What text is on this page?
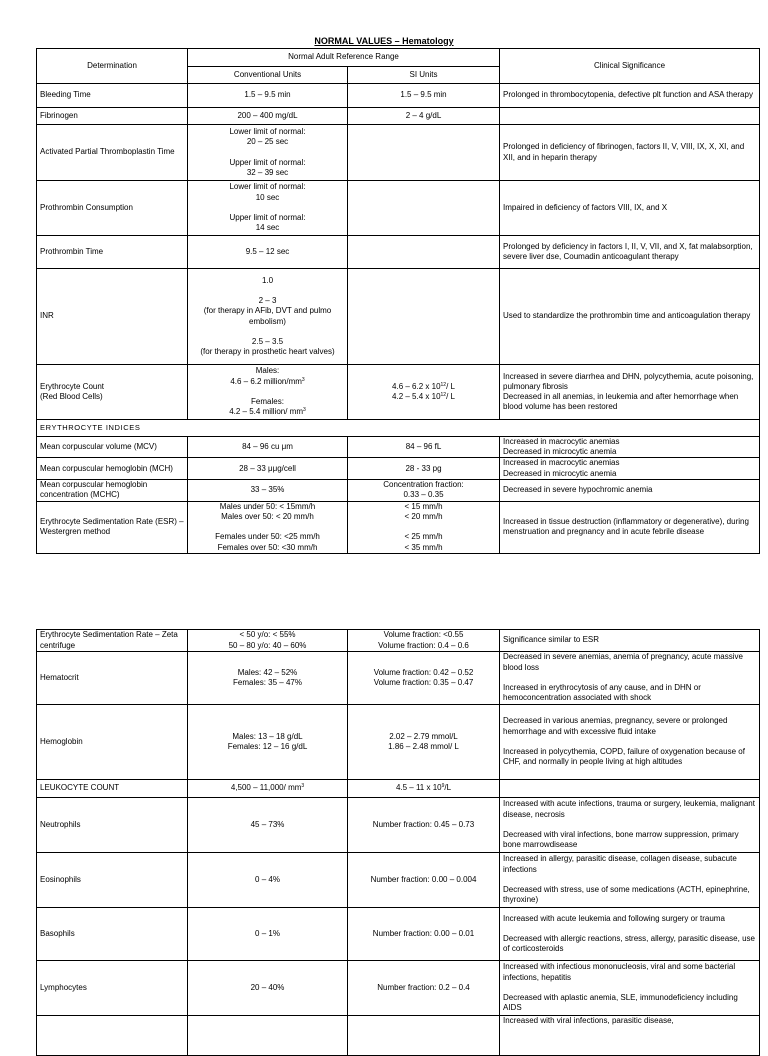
NORMAL VALUES – Hematology
Determination	Normal Adult Reference Range		Clinical Significance
	Conventional Units	SI Units	
Bleeding Time	1.5 – 9.5 min	1.5 – 9.5 min	Prolonged in thrombocytopenia, defective plt function and ASA therapy
Fibrinogen	200 – 400 mg/dL	2 – 4 g/dL	
Activated Partial Thromboplastin Time	Lower limit of normal:
20 – 25 sec

Upper limit of normal:
32 – 39 sec		Prolonged in deficiency of fibrinogen, factors II, V, VIII, IX, X, XI, and XII, and in heparin therapy
Prothrombin Consumption	Lower limit of normal:
10 sec

Upper limit of normal:
14 sec		Impaired in deficiency of factors VIII, IX, and X
Prothrombin Time	9.5 – 12 sec		Prolonged by deficiency in factors I, II, V, VII, and X, fat malabsorption, severe liver dse, Coumadin anticoagulant therapy
INR	1.0

2 – 3
(for therapy in AFib, DVT and pulmo embolism)

2.5 – 3.5
(for therapy in prosthetic heart valves)		Used to standardize the prothrombin time and anticoagulation therapy
Erythrocyte Count
(Red Blood Cells)	Males:
4.6 – 6.2 million/$mm^3$

Females:
4.2 – 5.4 million/ $mm^3$	4.6 – 6.2 x $10^{12}/$ L
4.2 – 5.4 x $10^{12}/$ L	Increased in severe diarrhea and DHN, polycythemia, acute poisoning, pulmonary fibrosis
Decreased in all anemias, in leukemia and after hemorrhage when blood volume has been restored
ERYTHROCYTE INDICES			
Mean corpuscular volume (MCV)	84 – 96 cu μm	84 – 96 fL	Increased in macrocytic anemias
Decreased in microcytic anemia
Mean corpuscular hemoglobin (MCH)	28 – 33 μμg/cell	28 - 33 pg	Increased in macrocytic anemias
Decreased in microcytic anemia
Mean corpuscular hemoglobin concentration (MCHC)	33 – 35%	Concentration fraction:
0.33 – 0.35	Decreased in severe hypochromic anemia
Erythrocyte Sedimentation Rate (ESR) – Westergren method	Males under 50: < 15mm/h
Males over 50: < 20 mm/h

Females under 50: <25 mm/h
Females over 50: <30 mm/h	< 15 mm/h
< 20 mm/h

< 25 mm/h
< 35 mm/h	Increased in tissue destruction (inflammatory or degenerative), during menstruation and pregnancy and in acute febrile disease
Erythrocyte Sedimentation Rate – Zeta centrifuge	< 50 y/o: < 55%
50 – 80 y/o: 40 – 60%	Volume fraction: <0.55
Volume fraction: 0.4 – 0.6	Significance similar to ESR
Hematocrit	Males: 42 – 52%
Females: 35 – 47%	Volume fraction: 0.42 – 0.52
Volume fraction: 0.35 – 0.47	Decreased in severe anemias, anemia of pregnancy, acute massive blood loss

Increased in erythrocytosis of any cause, and in DHN or hemoconcentration associated with shock
Hemoglobin	Males: 13 – 18 g/dL
Females: 12 – 16 g/dL	2.02 – 2.79 mmol/L
1.86 – 2.48 mmol/ L	Decreased in various anemias, pregnancy, severe or prolonged hemorrhage and with excessive fluid intake

Increased in polycythemia, COPD, failure of oxygenation because of CHF, and normally in people living at high altitudes
LEUKOCYTE COUNT	4,500 – 11,000/ $mm^3$	4.5 – 11 x $10^9/L$	
Neutrophils	45 – 73%	Number fraction: 0.45 – 0.73	Increased with acute infections, trauma or surgery, leukemia, malignant disease, necrosis

Decreased with viral infections, bone marrow suppression, primary bone marrowdisease
Eosinophils	0 – 4%	Number fraction: 0.00 – 0.004	Increased in allergy, parasitic disease, collagen disease, subacute infections

Decreased with stress, use of some medications (ACTH, epinephrine, thyroxine)
Basophils	0 – 1%	Number fraction: 0.00 – 0.01	Increased with acute leukemia and following surgery or trauma

Decreased with allergic reactions, stress, allergy, parasitic disease, use of corticosteroids
Lymphocytes	20 – 40%	Number fraction: 0.2 – 0.4	Increased with infectious mononucleosis, viral and some bacterial infections, hepatitis

Decreased with aplastic anemia, SLE, immunodeficiency including AIDS
			Increased with viral infections, parasitic disease,
